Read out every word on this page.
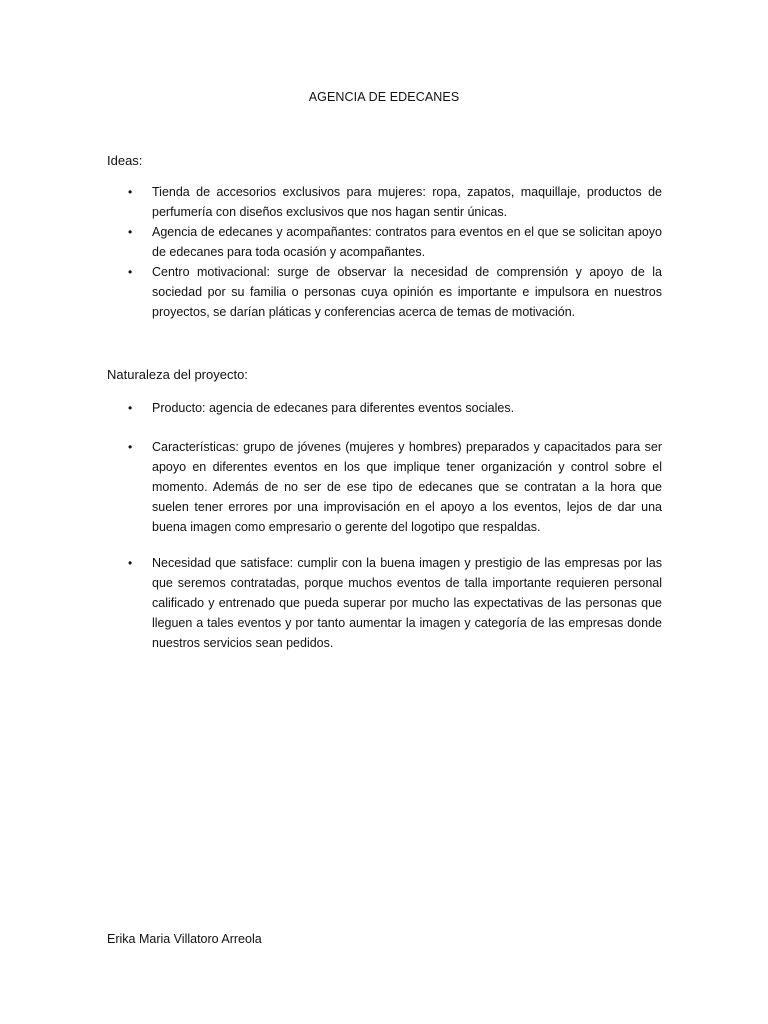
AGENCIA DE EDECANES
Ideas:
• Tienda de accesorios exclusivos para mujeres: ropa, zapatos, maquillaje, productos de perfumería con diseños exclusivos que nos hagan sentir únicas.
• Agencia de edecanes y acompañantes: contratos para eventos en el que se solicitan apoyo de edecanes para toda ocasión y acompañantes.
• Centro motivacional: surge de observar la necesidad de comprensión y apoyo de la sociedad por su familia o personas cuya opinión es importante e impulsora en nuestros proyectos, se darían pláticas y conferencias acerca de temas de motivación.
Naturaleza del proyecto:
• Producto: agencia de edecanes para diferentes eventos sociales.
• Características: grupo de jóvenes (mujeres y hombres) preparados y capacitados para ser apoyo en diferentes eventos en los que implique tener organización y control sobre el momento. Además de no ser de ese tipo de edecanes que se contratan a la hora que suelen tener errores por una improvisación en el apoyo a los eventos, lejos de dar una buena imagen como empresario o gerente del logotipo que respaldas.
• Necesidad que satisface: cumplir con la buena imagen y prestigio de las empresas por las que seremos contratadas, porque muchos eventos de talla importante requieren personal calificado y entrenado que pueda superar por mucho las expectativas de las personas que lleguen a tales eventos y por tanto aumentar la imagen y categoría de las empresas donde nuestros servicios sean pedidos.
Erika Maria Villatoro Arreola
